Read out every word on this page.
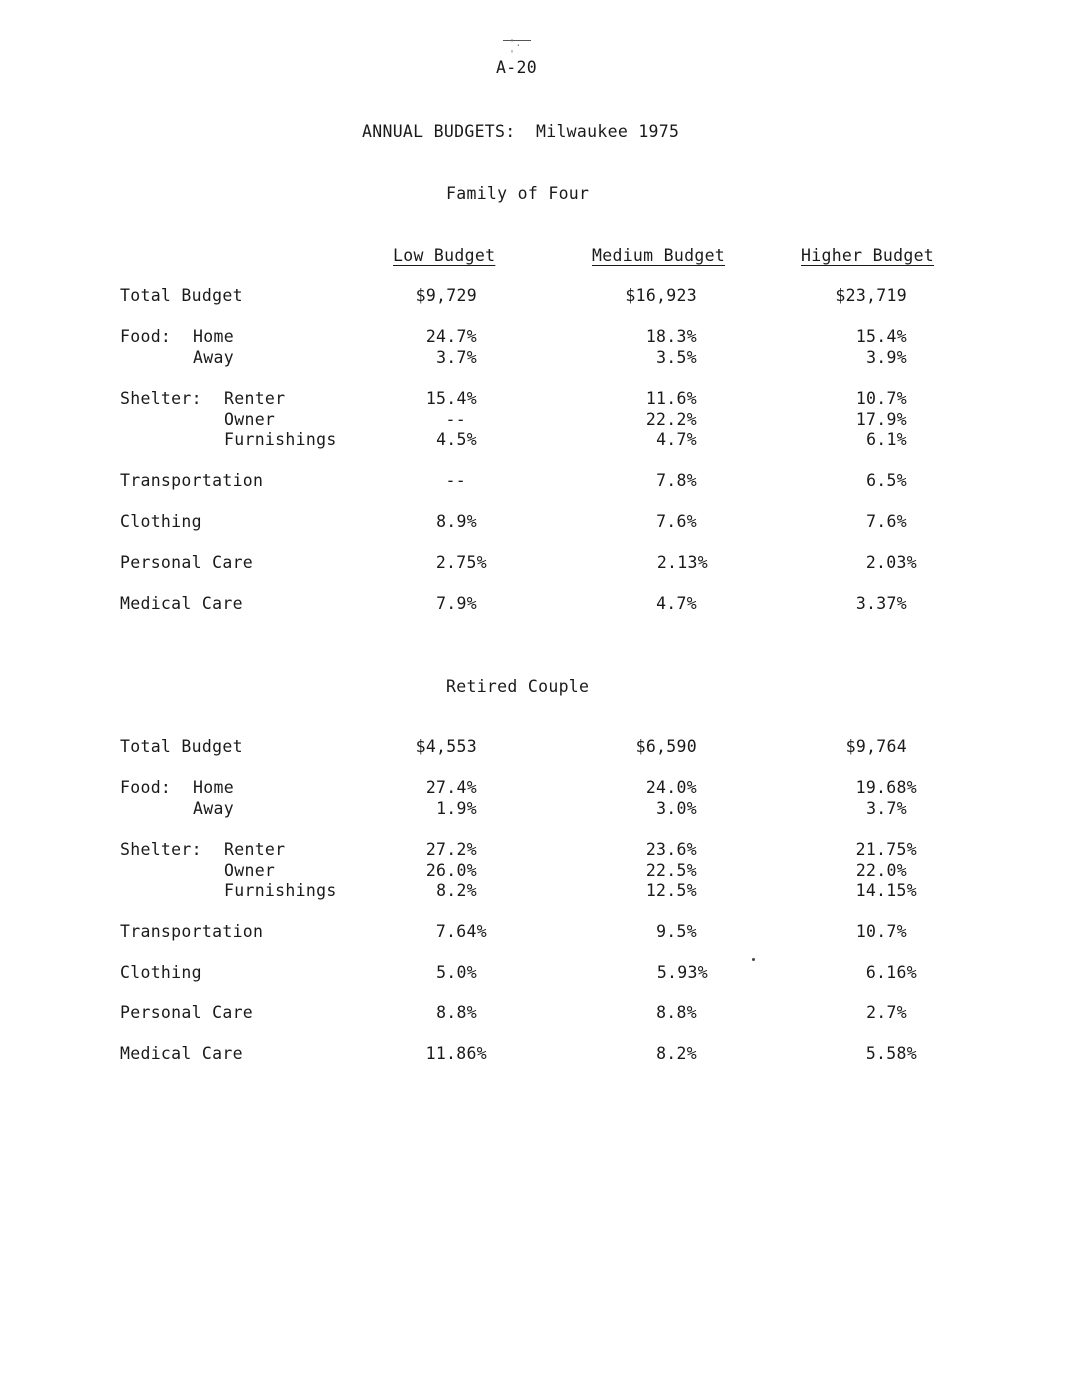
'. '
A-20
ANNUAL BUDGETS:  Milwaukee 1975
Family of Four
Low Budget	Medium Budget	Higher Budget
Total Budget	$9,729	$16,923	$23,719
Food: Home	24.7%	18.3%	15.4%
Away	3.7%	3.5%	3.9%
Shelter: Renter	15.4%	11.6%	10.7%
Owner	--	22.2%	17.9%
Furnishings	4.5%	4.7%	6.1%
Transportation	--	7.8%	6.5%
Clothing	8.9%	7.6%	7.6%
Personal Care	2.75%	2.13%	2.03%
Medical Care	7.9%	4.7%	3.37%
Retired Couple
Total Budget	$4,553	$6,590	$9,764
Food: Home	27.4%	24.0%	19.68%
Away	1.9%	3.0%	3.7%
Shelter: Renter	27.2%	23.6%	21.75%
Owner	26.0%	22.5%	22.0%
Furnishings	8.2%	12.5%	14.15%
Transportation	7.64%	9.5%	10.7%
Clothing	5.0%	5.93%	6.16%
Personal Care	8.8%	8.8%	2.7%
Medical Care	11.86%	8.2%	5.58%
